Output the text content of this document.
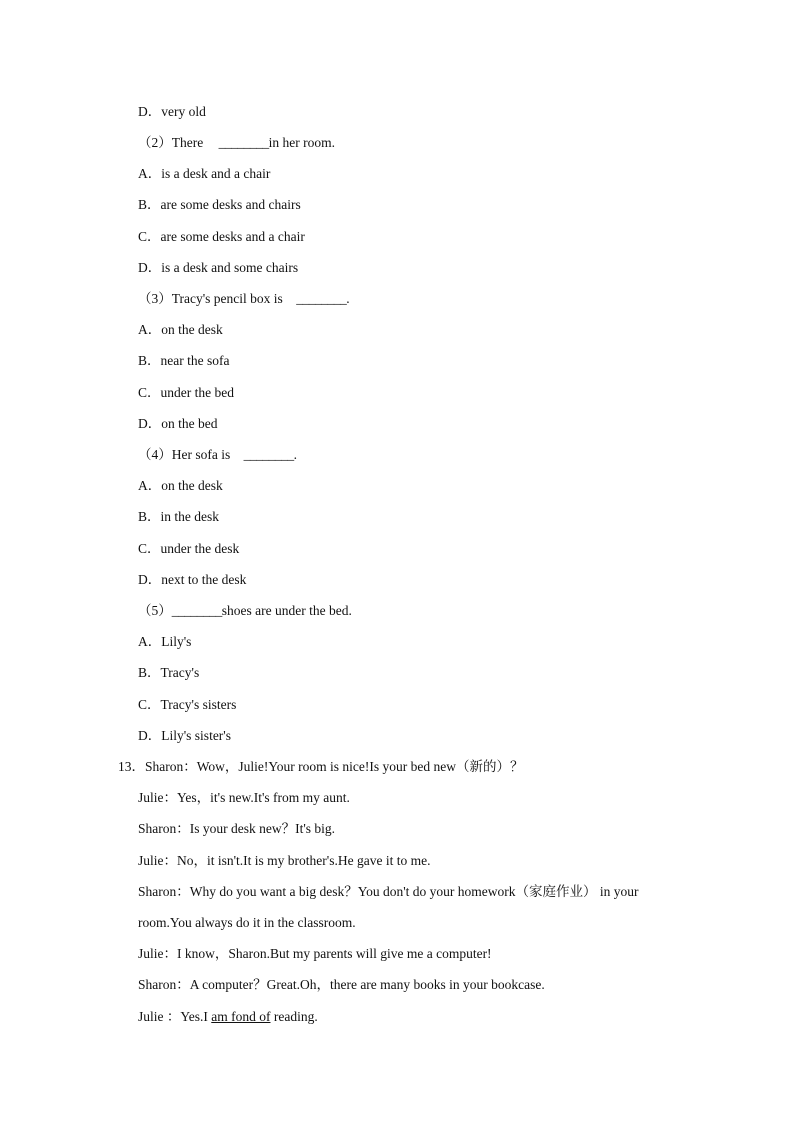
D．very old
（2）There ________in her room.
A．is a desk and a chair
B．are some desks and chairs
C．are some desks and a chair
D．is a desk and some chairs
（3）Tracy's pencil box is ________.
A．on the desk
B．near the sofa
C．under the bed
D．on the bed
（4）Her sofa is ________.
A．on the desk
B．in the desk
C．under the desk
D．next to the desk
（5）________shoes are under the bed.
A．Lily's
B．Tracy's
C．Tracy's sisters
D．Lily's sister's
13．Sharon：Wow，Julie!Your room is nice!Is your bed new（新的）？
Julie：Yes，it's new.It's from my aunt.
Sharon：Is your desk new？It's big.
Julie：No，it isn't.It is my brother's.He gave it to me.
Sharon：Why do you want a big desk？You don't do your homework（家庭作业） in your
room.You always do it in the classroom.
Julie：I know，Sharon.But my parents will give me a computer!
Sharon：A computer？Great.Oh，there are many books in your bookcase.
Julie ：Yes.I am fond of reading.
